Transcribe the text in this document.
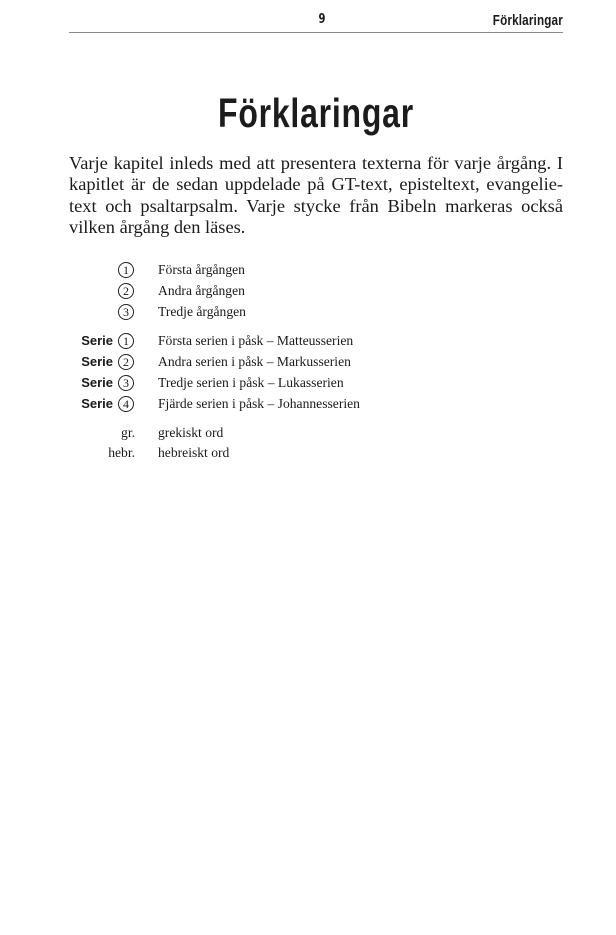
9	Förklaringar
Förklaringar

Varje kapitel inleds med att presentera texterna för varje årgång. I kapitlet är de sedan uppdelade på GT-text, episteltext, evangelie- text och psaltarpsalm. Varje stycke från Bibeln markeras också vilken årgång den läses.

1	Första årgången
2	Andra årgången
3	Tredje årgången
Serie 1	Första serien i påsk – Matteusserien
Serie 2	Andra serien i påsk – Markusserien
Serie 3	Tredje serien i påsk – Lukasserien
Serie 4	Fjärde serien i påsk – Johannesserien
gr. grekiskt ord
hebr. hebreiskt ord
